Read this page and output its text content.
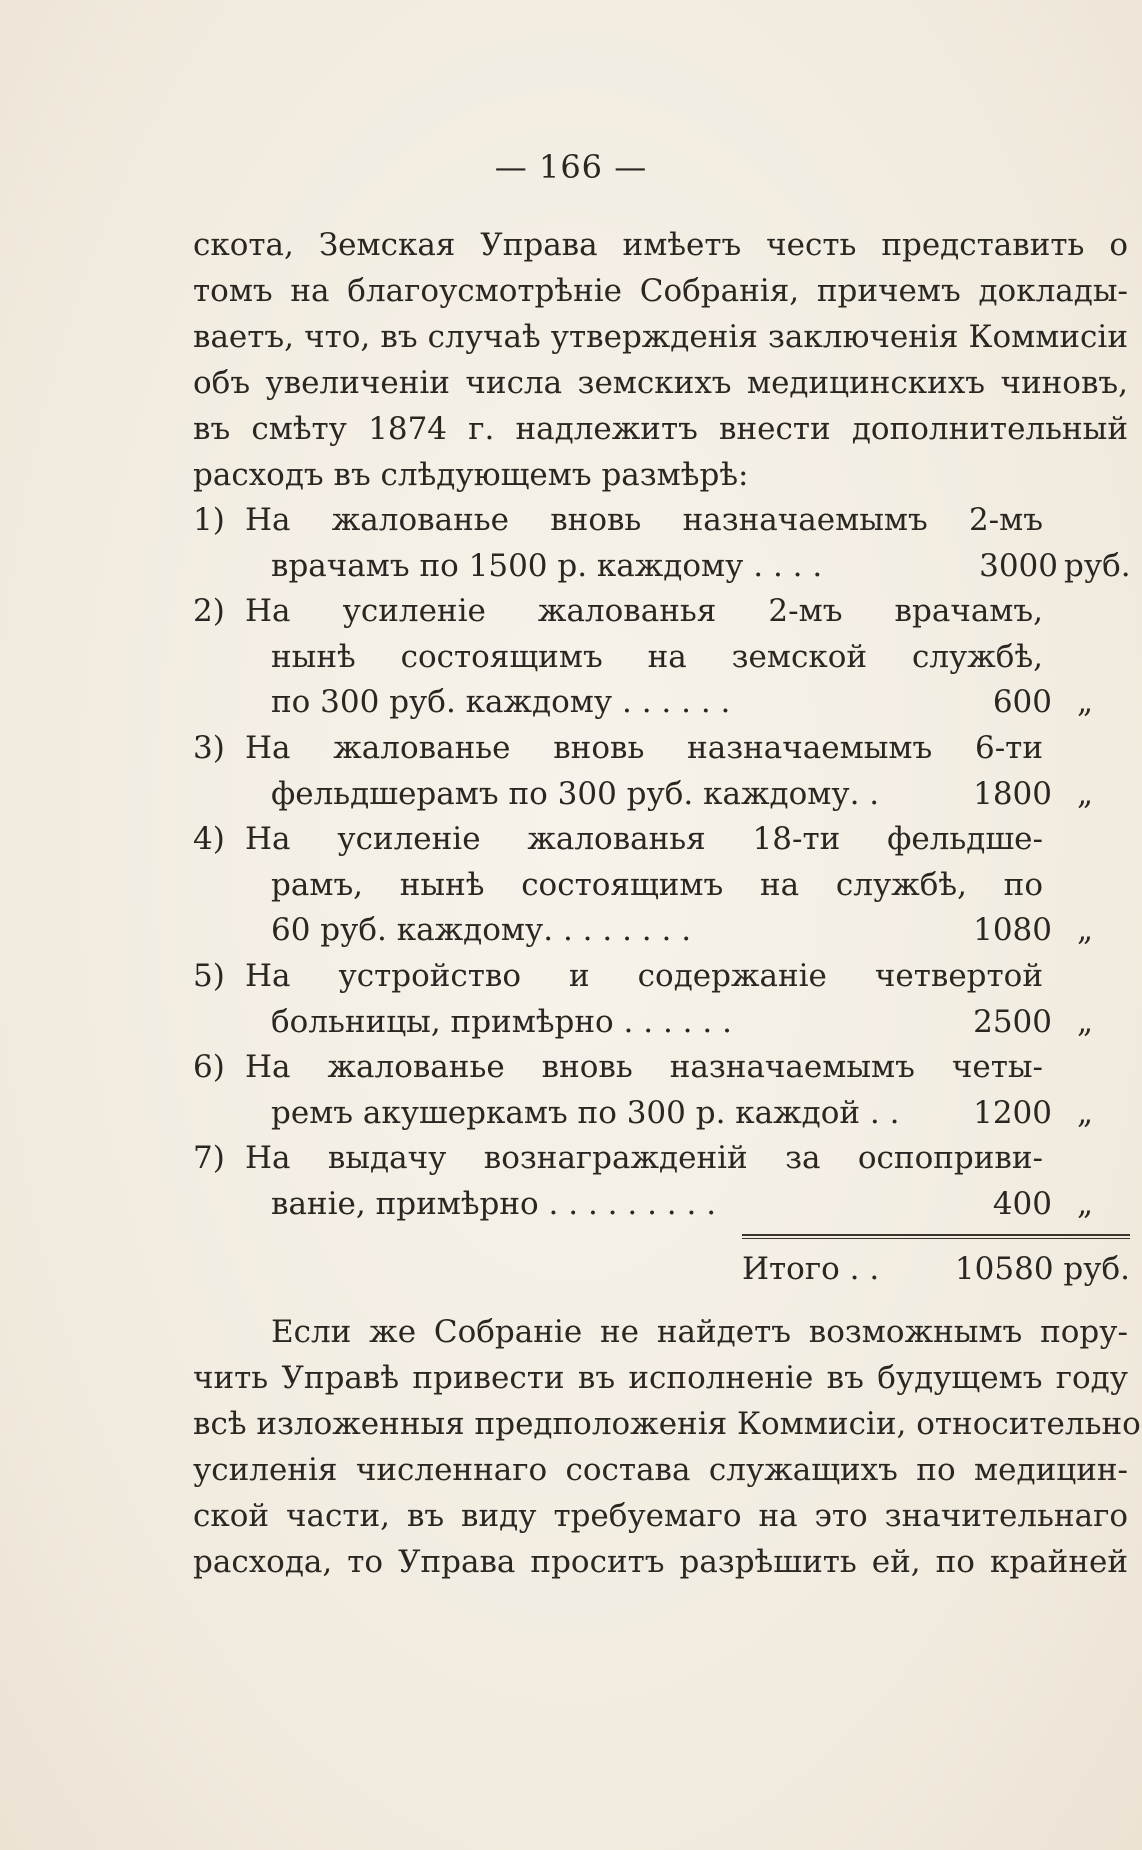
— 166 —

скота, Земская Управа имѣетъ честь представить о
томъ на благоусмотрѣніе Собранія, причемъ доклады-
ваетъ, что, въ случаѣ утвержденія заключенія Коммисіи
объ увеличеніи числа земскихъ медицинскихъ чиновъ,
въ смѣту 1874 г. надлежитъ внести дополнительный
расходъ въ слѣдующемъ размѣрѣ:

1) На жалованье вновь назначаемымъ 2-мъ
врачамъ по 1500 р. каждому . . . .	3000 руб.
2) На усиленіе жалованья 2-мъ врачамъ,
нынѣ состоящимъ на земской службѣ,
по 300 руб. каждому . . . . . .	600 „
3) На жалованье вновь назначаемымъ 6-ти
фельдшерамъ по 300 руб. каждому. .	1800 „
4) На усиленіе жалованья 18-ти фельдше-
рамъ, нынѣ состоящимъ на службѣ, по
60 руб. каждому. . . . . . . .	1080 „
5) На устройство и содержаніе четвертой
больницы, примѣрно . . . . . .	2500 „
6) На жалованье вновь назначаемымъ четы-
ремъ акушеркамъ по 300 р. каждой . .	1200 „
7) На выдачу вознагражденій за оспоприви-
ваніе, примѣрно . . . . . . . . .	400 „
Итого . . 10580 руб.

Если же Собраніе не найдетъ возможнымъ пору-
чить Управѣ привести въ исполненіе въ будущемъ году
всѣ изложенныя предположенія Коммисіи, относительно
усиленія численнаго состава служащихъ по медицин-
ской части, въ виду требуемаго на это значительнаго
расхода, то Управа проситъ разрѣшить ей, по крайней
